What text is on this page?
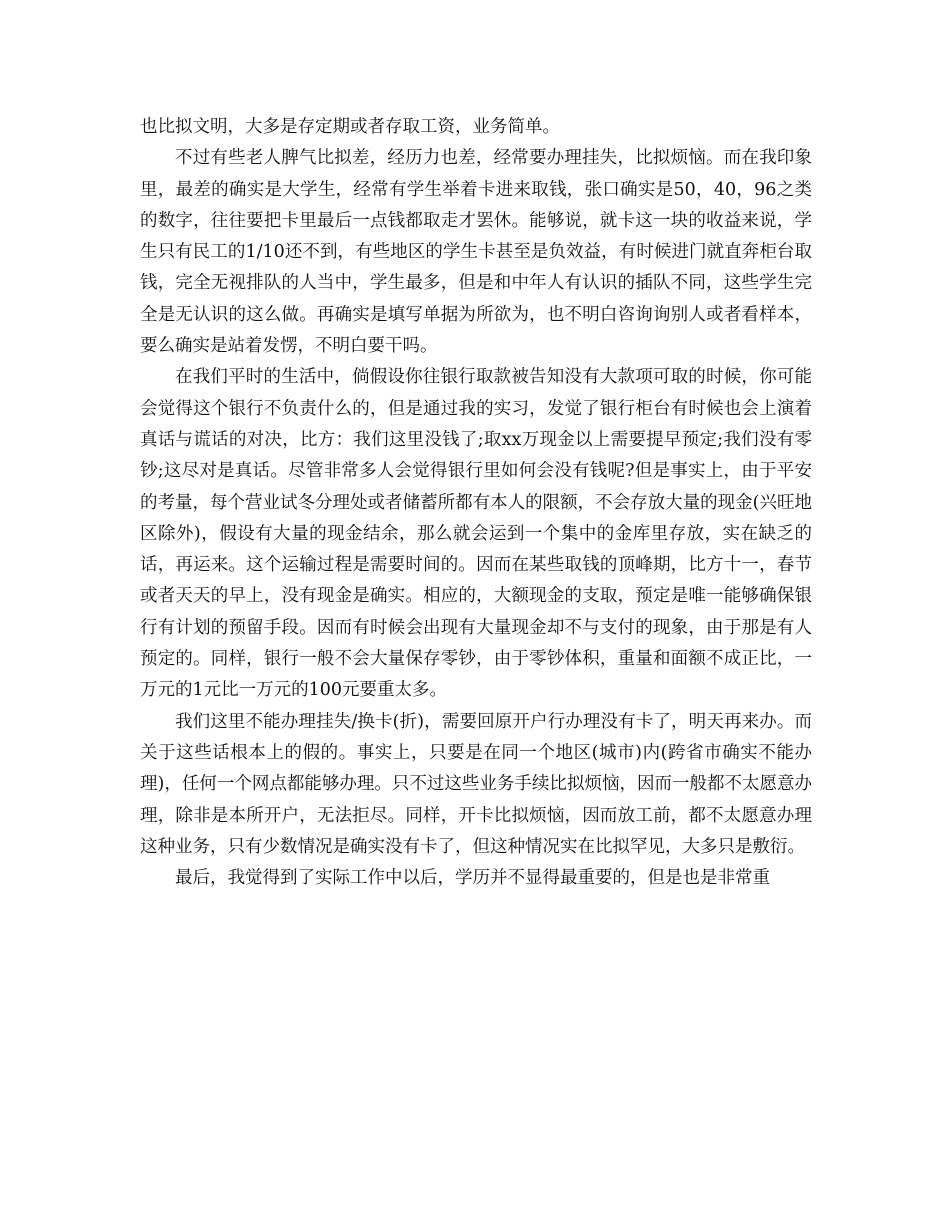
也比拟文明，大多是存定期或者存取工资，业务简单。

不过有些老人脾气比拟差，经历力也差，经常要办理挂失，比拟烦恼。而在我印象里，最差的确实是大学生，经常有学生举着卡进来取钱，张口确实是50，40，96之类的数字，往往要把卡里最后一点钱都取走才罢休。能够说，就卡这一块的收益来说，学生只有民工的1/10还不到，有些地区的学生卡甚至是负效益，有时候进门就直奔柜台取钱，完全无视排队的人当中，学生最多，但是和中年人有认识的插队不同，这些学生完全是无认识的这么做。再确实是填写单据为所欲为，也不明白咨询询别人或者看样本，要么确实是站着发愣，不明白要干吗。

在我们平时的生活中，倘假设你往银行取款被告知没有大款项可取的时候，你可能会觉得这个银行不负责什么的，但是通过我的实习，发觉了银行柜台有时候也会上演着真话与谎话的对决，比方：我们这里没钱了;取xx万现金以上需要提早预定;我们没有零钞;这尽对是真话。尽管非常多人会觉得银行里如何会没有钱呢?但是事实上，由于平安的考量，每个营业试冬分理处或者储蓄所都有本人的限额，不会存放大量的现金(兴旺地区除外)，假设有大量的现金结余，那么就会运到一个集中的金库里存放，实在缺乏的话，再运来。这个运输过程是需要时间的。因而在某些取钱的顶峰期，比方十一，春节或者天天的早上，没有现金是确实。相应的，大额现金的支取，预定是唯一能够确保银行有计划的预留手段。因而有时候会出现有大量现金却不与支付的现象，由于那是有人预定的。同样，银行一般不会大量保存零钞，由于零钞体积，重量和面额不成正比，一万元的1元比一万元的100元要重太多。

我们这里不能办理挂失/换卡(折)，需要回原开户行办理没有卡了，明天再来办。而关于这些话根本上的假的。事实上，只要是在同一个地区(城市)内(跨省市确实不能办理)，任何一个网点都能够办理。只不过这些业务手续比拟烦恼，因而一般都不太愿意办理，除非是本所开户，无法拒尽。同样，开卡比拟烦恼，因而放工前，都不太愿意办理这种业务，只有少数情况是确实没有卡了，但这种情况实在比拟罕见，大多只是敷衍。

最后，我觉得到了实际工作中以后，学历并不显得最重要的，但是也是非常重
